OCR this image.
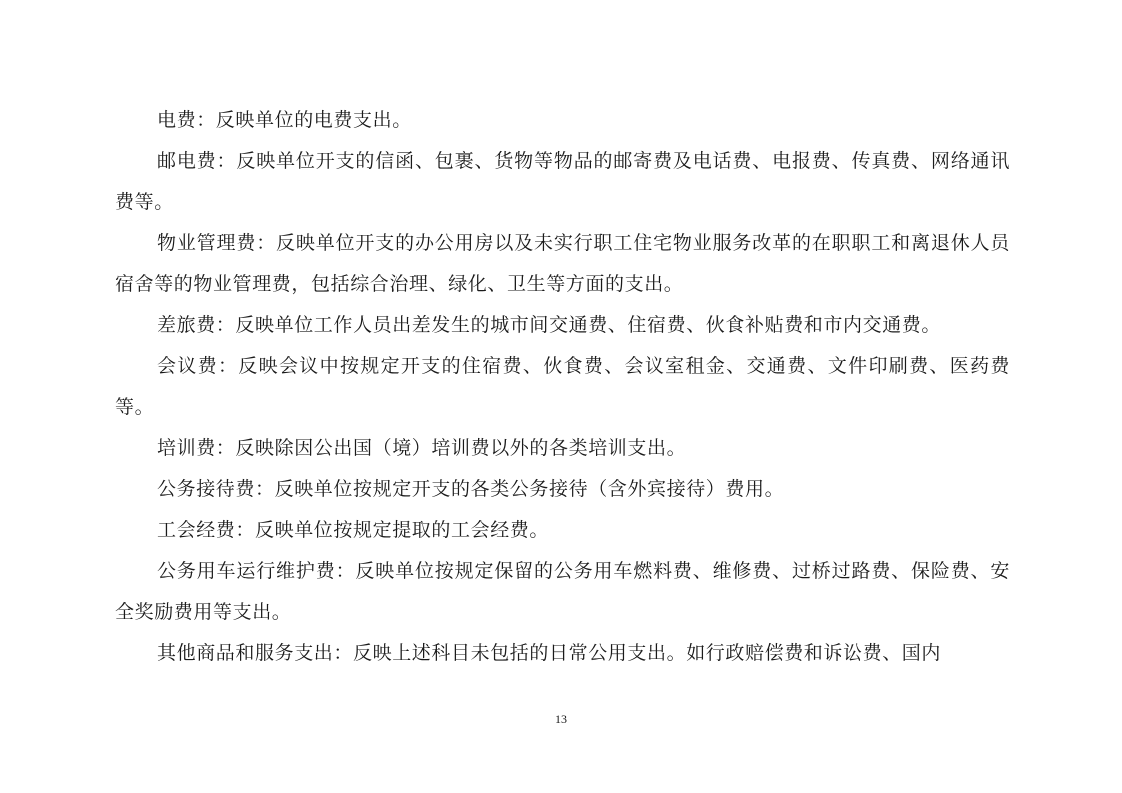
电费：反映单位的电费支出。

邮电费：反映单位开支的信函、包裹、货物等物品的邮寄费及电话费、电报费、传真费、网络通讯费等。

物业管理费：反映单位开支的办公用房以及未实行职工住宅物业服务改革的在职职工和离退休人员宿舍等的物业管理费，包括综合治理、绿化、卫生等方面的支出。

差旅费：反映单位工作人员出差发生的城市间交通费、住宿费、伙食补贴费和市内交通费。

会议费：反映会议中按规定开支的住宿费、伙食费、会议室租金、交通费、文件印刷费、医药费等。

培训费：反映除因公出国（境）培训费以外的各类培训支出。

公务接待费：反映单位按规定开支的各类公务接待（含外宾接待）费用。

工会经费：反映单位按规定提取的工会经费。

公务用车运行维护费：反映单位按规定保留的公务用车燃料费、维修费、过桥过路费、保险费、安全奖励费用等支出。

其他商品和服务支出：反映上述科目未包括的日常公用支出。如行政赔偿费和诉讼费、国内

13
